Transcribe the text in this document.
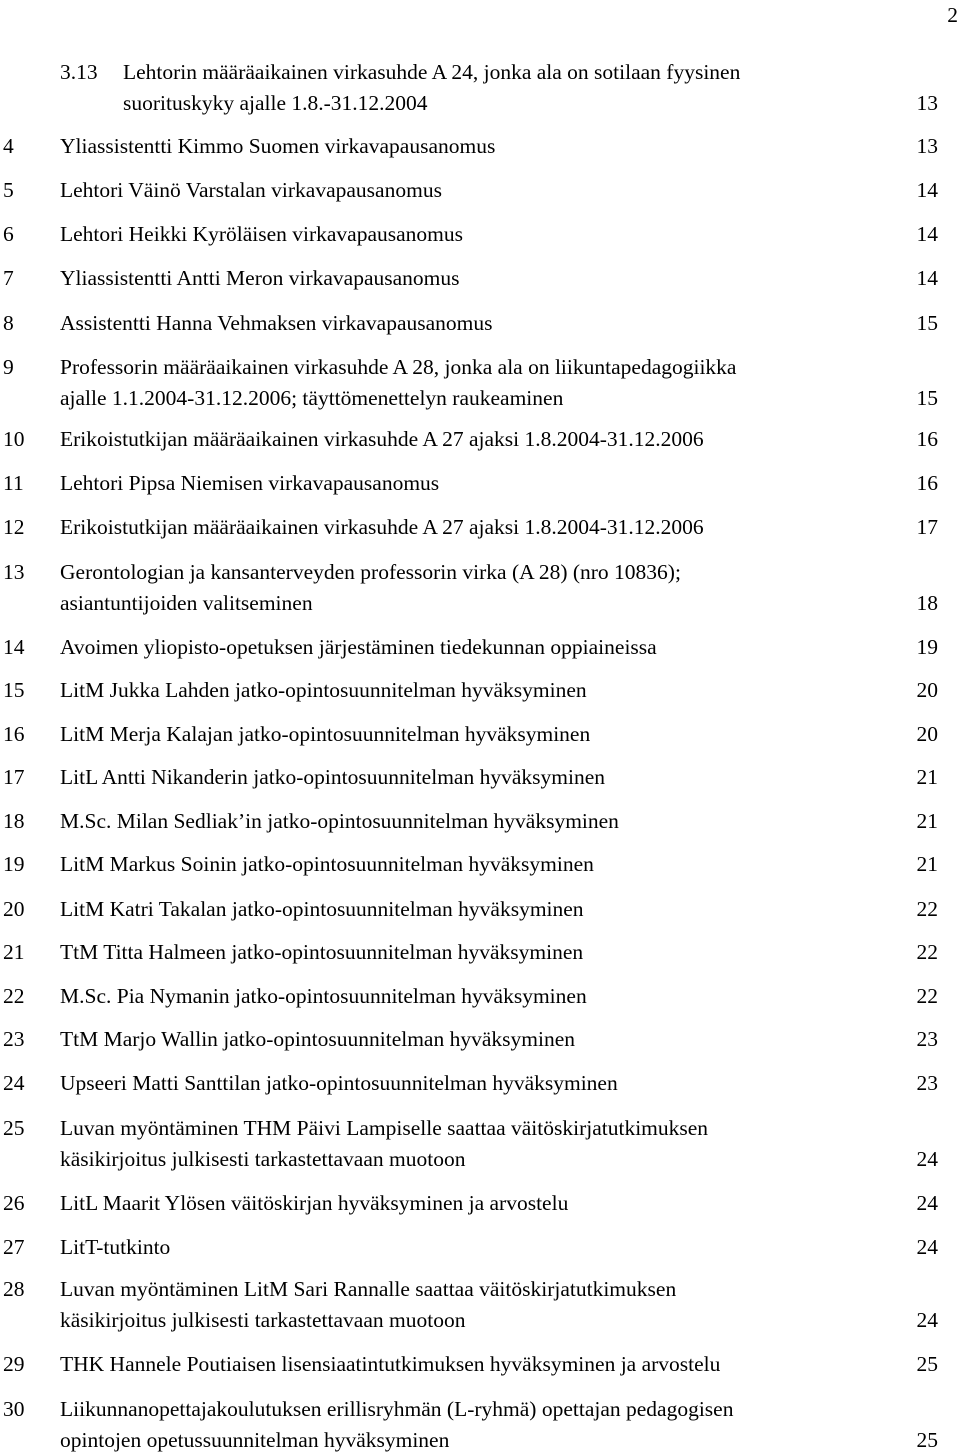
2
3.13 Lehtorin määräaikainen virkasuhde A 24, jonka ala on sotilaan fyysinen
suorituskyky ajalle 1.8.-31.12.2004	13
4 Yliassistentti Kimmo Suomen virkavapausanomus	13
5 Lehtori Väinö Varstalan virkavapausanomus	14
6 Lehtori Heikki Kyröläisen virkavapausanomus	14
7 Yliassistentti Antti Meron virkavapausanomus	14
8 Assistentti Hanna Vehmaksen virkavapausanomus	15
9 Professorin määräaikainen virkasuhde A 28, jonka ala on liikuntapedagogiikka
ajalle 1.1.2004-31.12.2006; täyttömenettelyn raukeaminen	15
10 Erikoistutkijan määräaikainen virkasuhde A 27 ajaksi 1.8.2004-31.12.2006	16
11 Lehtori Pipsa Niemisen virkavapausanomus	16
12 Erikoistutkijan määräaikainen virkasuhde A 27 ajaksi 1.8.2004-31.12.2006	17
13 Gerontologian ja kansanterveyden professorin virka (A 28) (nro 10836);
asiantuntijoiden valitseminen	18
14 Avoimen yliopisto-opetuksen järjestäminen tiedekunnan oppiaineissa	19
15 LitM Jukka Lahden jatko-opintosuunnitelman hyväksyminen	20
16 LitM Merja Kalajan jatko-opintosuunnitelman hyväksyminen	20
17 LitL Antti Nikanderin jatko-opintosuunnitelman hyväksyminen	21
18 M.Sc. Milan Sedliak’in jatko-opintosuunnitelman hyväksyminen	21
19 LitM Markus Soinin jatko-opintosuunnitelman hyväksyminen	21
20 LitM Katri Takalan jatko-opintosuunnitelman hyväksyminen	22
21 TtM Titta Halmeen jatko-opintosuunnitelman hyväksyminen	22
22 M.Sc. Pia Nymanin jatko-opintosuunnitelman hyväksyminen	22
23 TtM Marjo Wallin jatko-opintosuunnitelman hyväksyminen	23
24 Upseeri Matti Santtilan jatko-opintosuunnitelman hyväksyminen	23
25 Luvan myöntäminen THM Päivi Lampiselle saattaa väitöskirjatutkimuksen
käsikirjoitus julkisesti tarkastettavaan muotoon	24
26 LitL Maarit Ylösen väitöskirjan hyväksyminen ja arvostelu	24
27 LitT-tutkinto	24
28 Luvan myöntäminen LitM Sari Rannalle saattaa väitöskirjatutkimuksen
käsikirjoitus julkisesti tarkastettavaan muotoon	24
29 THK Hannele Poutiaisen lisensiaatintutkimuksen hyväksyminen ja arvostelu	25
30 Liikunnanopettajakoulutuksen erillisryhmän (L-ryhmä) opettajan pedagogisen
opintojen opetussuunnitelman hyväksyminen	25
